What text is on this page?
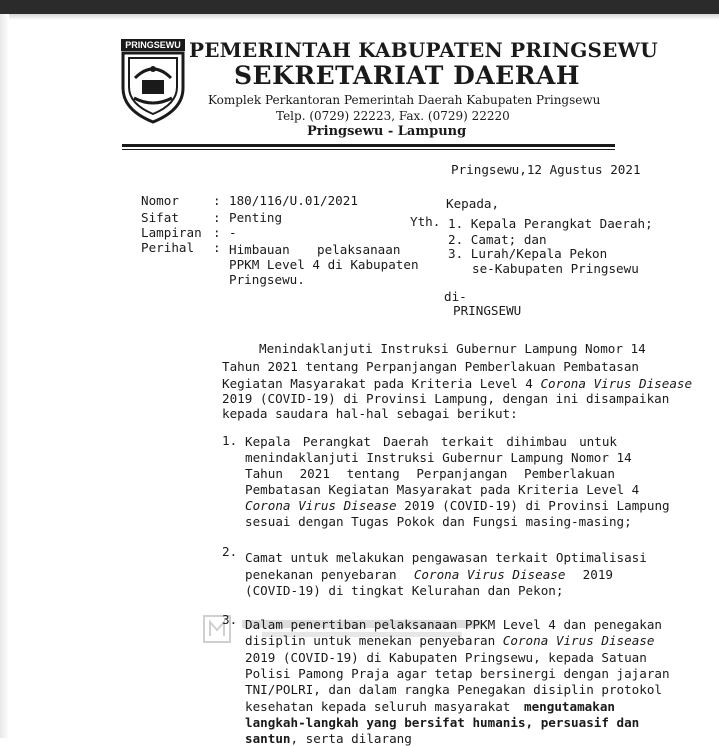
PRINGSEWU PEMERINTAH KABUPATEN PRINGSEWU
SEKRETARIAT DAERAH
Komplek Perkantoran Pemerintah Daerah Kabupaten Pringsewu
Telp. (0729) 22223, Fax. (0729) 22220
Pringsewu - Lampung
Pringsewu,12 Agustus 2021
Nomor	: 180/116/U.01/2021
Sifat	: Penting
Lampiran : -
Perihal : Himbauan pelaksanaan
PPKM Level 4 di Kabupaten
Pringsewu.
Kepada,
Yth. 1. Kepala Perangkat Daerah;
2. Camat; dan
3. Lurah/Kepala Pekon
se-Kabupaten Pringsewu
di-
PRINGSEWU
Menindaklanjuti Instruksi Gubernur Lampung Nomor 14
Tahun 2021 tentang Perpanjangan Pemberlakuan Pembatasan
Kegiatan Masyarakat pada Kriteria Level 4 Corona Virus Disease
2019 (COVID-19) di Provinsi Lampung, dengan ini disampaikan
kepada saudara hal-hal sebagai berikut:
1. Kepala Perangkat Daerah terkait dihimbau untuk
menindaklanjuti Instruksi Gubernur Lampung Nomor 14
Tahun 2021 tentang Perpanjangan Pemberlakuan
Pembatasan Kegiatan Masyarakat pada Kriteria Level 4
Corona Virus Disease 2019 (COVID-19) di Provinsi Lampung
sesuai dengan Tugas Pokok dan Fungsi masing-masing;
2. Camat untuk melakukan pengawasan terkait Optimalisasi
penekanan penyebaran Corona Virus Disease 2019
(COVID-19) di tingkat Kelurahan dan Pekon;
3. Dalam penertiban pelaksanaan PPKM Level 4 dan penegakan
disiplin untuk menekan penyebaran Corona Virus Disease
2019 (COVID-19) di Kabupaten Pringsewu, kepada Satuan
Polisi Pamong Praja agar tetap bersinergi dengan jajaran
TNI/POLRI, dan dalam rangka Penegakan disiplin protokol
kesehatan kepada seluruh masyarakat mengutamakan
langkah-langkah yang bersifat humanis, persuasif dan
santun, serta dilarang
